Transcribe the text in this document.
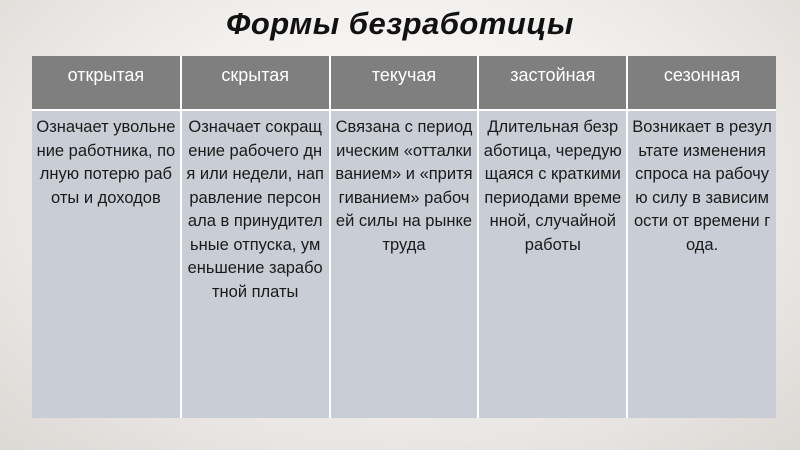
Формы безработицы
открытая	скрытая	текучая	застойная	сезонная
Означает увольнение работника, полную потерю работы и доходов	Означает сокращение рабочего дня или недели, направление персонала в принудительные отпуска, уменьшение заработной платы	Связана с периодическим «отталкиванием» и «притягиванием» рабочей силы на рынке труда	Длительная безработица, чередующаяся с краткими периодами временной, случайной работы	Возникает в результате изменения спроса на рабочую силу в зависимости от времени года.
